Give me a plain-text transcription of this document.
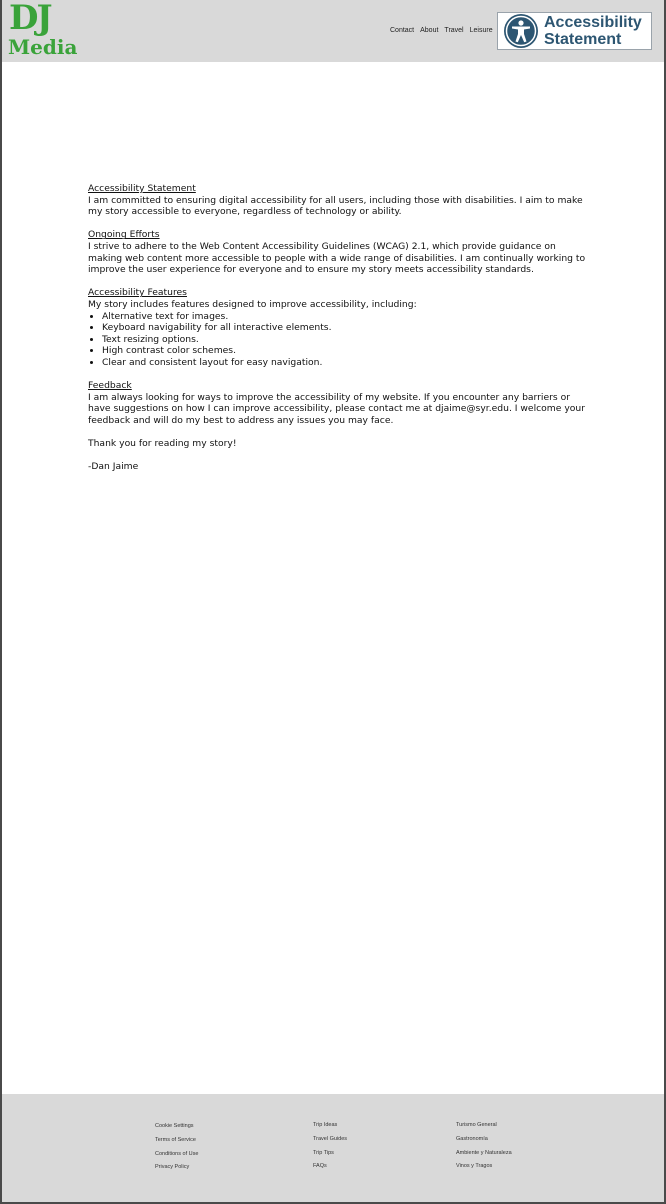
DJ
Media
Contact About Travel Leisure	Accessibility
Statement

Accessibility Statement

I am committed to ensuring digital accessibility for all users, including those with disabilities. I aim to make my story accessible to everyone, regardless of technology or ability.

Ongoing Efforts

I strive to adhere to the Web Content Accessibility Guidelines (WCAG) 2.1, which provide guidance on making web content more accessible to people with a wide range of disabilities. I am continually working to improve the user experience for everyone and to ensure my story meets accessibility standards.

Accessibility Features

My story includes features designed to improve accessibility, including:

• Alternative text for images.
• Keyboard navigability for all interactive elements.
• Text resizing options.
• High contrast color schemes.
• Clear and consistent layout for easy navigation.

Feedback

I am always looking for ways to improve the accessibility of my website. If you encounter any barriers or have suggestions on how I can improve accessibility, please contact me at djaime@syr.edu. I welcome your feedback and will do my best to address any issues you may face.

Thank you for reading my story!

-Dan Jaime

Cookie Settings
Terms of Service
Conditions of Use
Privacy Policy
Trip Ideas
Travel Guides
Trip Tips
FAQs
Turismo General
Gastronomía
Ambiente y Naturaleza
Vinos y Tragos
